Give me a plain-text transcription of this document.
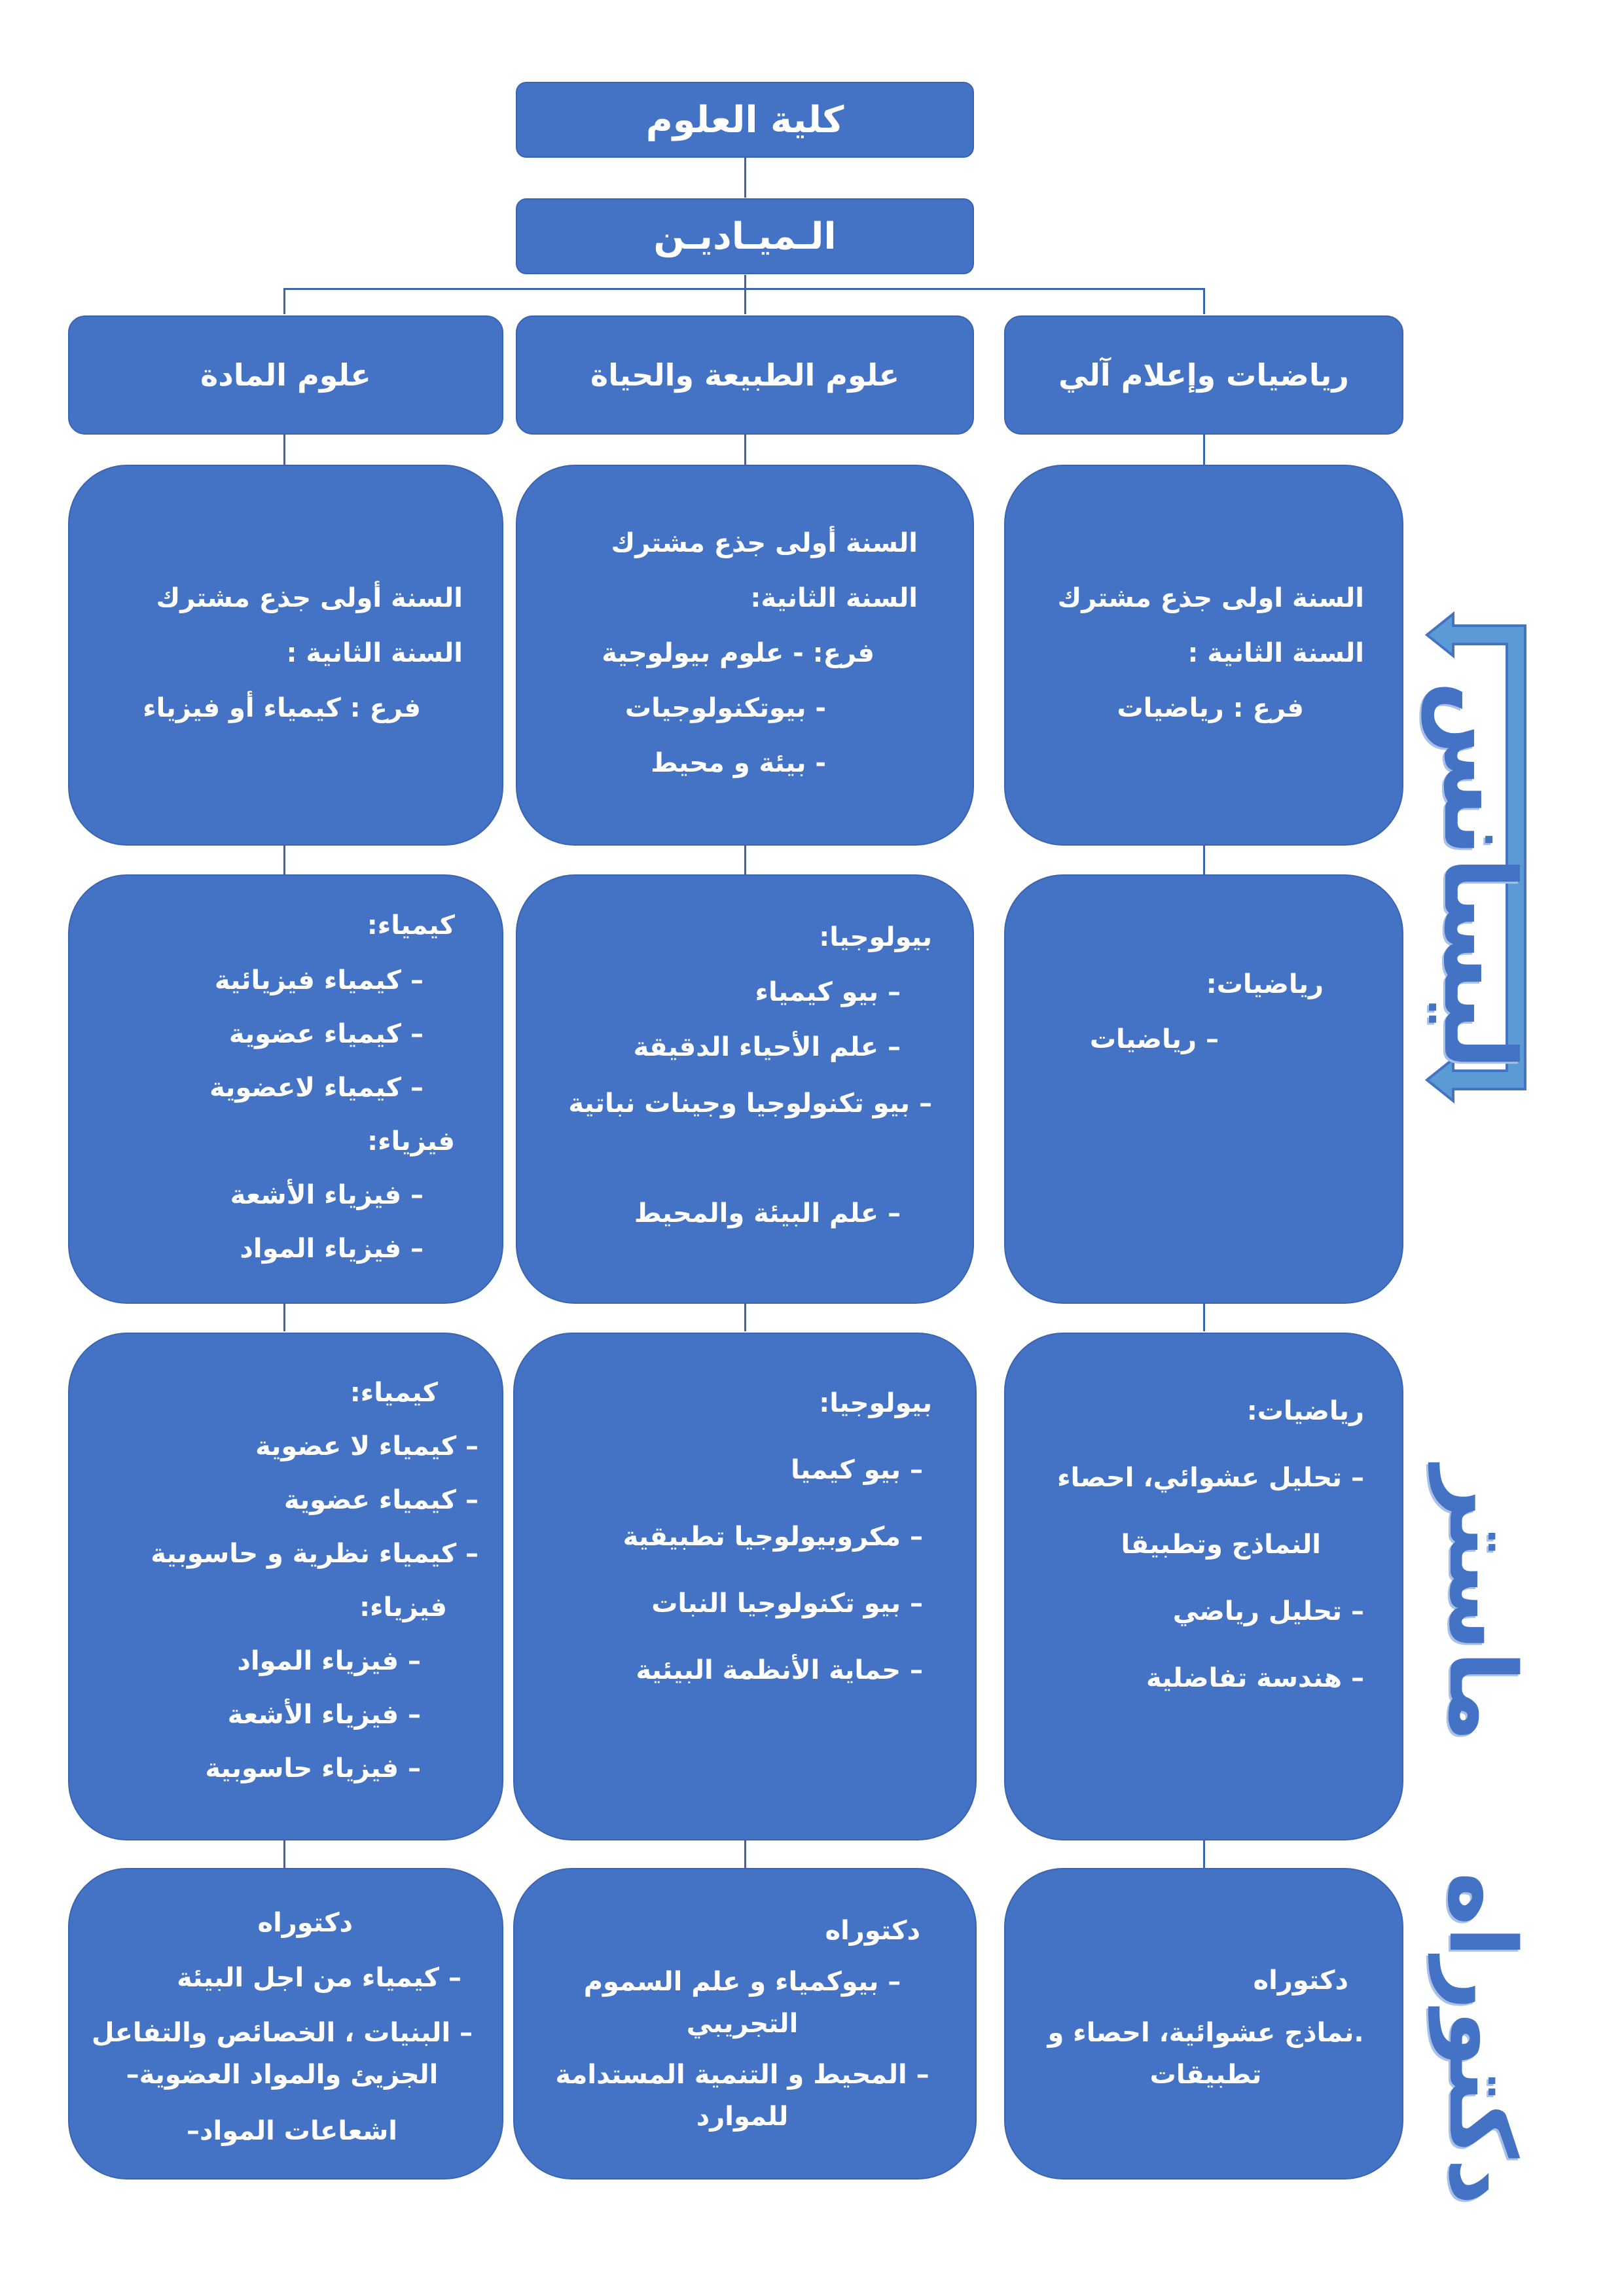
كلية العلوم
الـميـاديـن
رياضيات وإعلام آلي
علوم الطبيعة والحياة
علوم المادة
السنة اولى جذع مشترك
السنة الثانية :
فرع : رياضيات
السنة أولى جذع مشترك
السنة الثانية:
فرع: - علوم بيولوجية
- بيوتكنولوجيات
- بيئة و محيط
السنة أولى جذع مشترك
السنة الثانية :
فرع : كيمياء أو فيزياء
رياضيات:
– رياضيات
بيولوجيا:
– بيو كيمياء
– علم الأحياء الدقيقة
– بيو تكنولوجيا وجينات نباتية
– علم البيئة والمحيط
كيمياء:
– كيمياء فيزيائية
– كيمياء عضوية
– كيمياء لاعضوية
فيزياء:
– فيزياء الأشعة
– فيزياء المواد
رياضيات:
– تحليل عشوائي، احصاء
النماذج وتطبيقا
– تحليل رياضي
– هندسة تفاضلية
بيولوجيا:
– بيو كيميا
– مكروبيولوجيا تطبيقية
– بيو تكنولوجيا النبات
– حماية الأنظمة البيئية
كيمياء:
– كيمياء لا عضوية
– كيمياء عضوية
– كيمياء نظرية و حاسوبية
فيزياء:
– فيزياء المواد
– فيزياء الأشعة
– فيزياء حاسوبية
دكتوراه
.نماذج عشوائية، احصاء و تطبيقات
دكتوراه
– بيوكمياء و علم السموم التجريبي
– المحيط و التنمية المستدامة للموارد
دكتوراه
– كيمياء من اجل البيئة
– البنيات ، الخصائص والتفاعل الجزيئ والمواد العضوية–
اشعاعات المواد–
ليسانس
ماستر
دكتوراه
